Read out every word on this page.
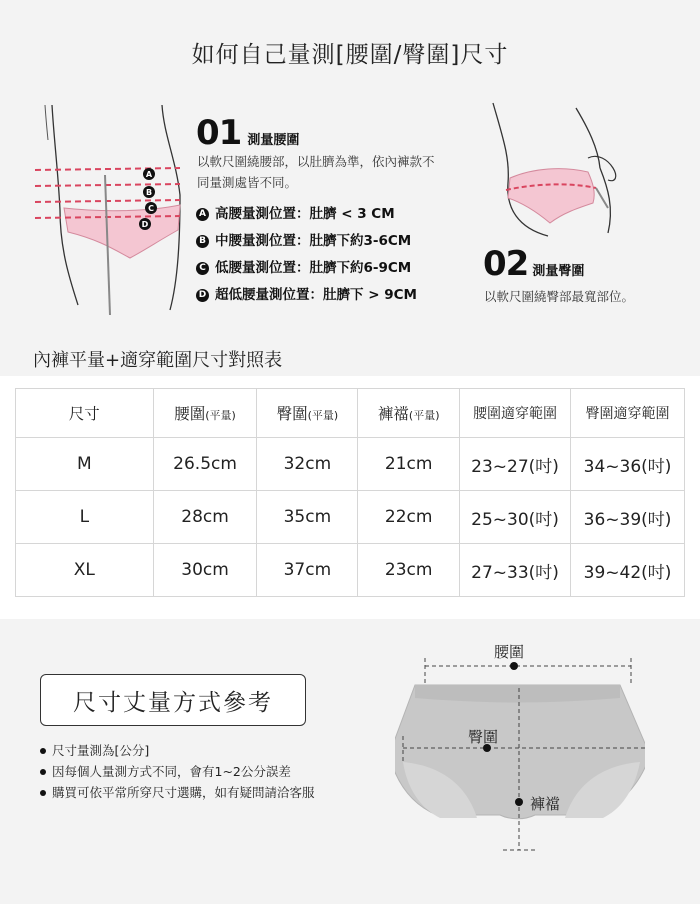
如何自己量測[腰圍/臀圍]尺寸
A
B
C
D
01 測量腰圍
以軟尺圍繞腰部，以肚臍為準，依內褲款不
同量測處皆不同。
A 高腰量測位置：肚臍 < 3 CM
B 中腰量測位置：肚臍下約3-6CM
C 低腰量測位置：肚臍下約6-9CM
D 超低腰量測位置：肚臍下 > 9CM
02 測量臀圍
以軟尺圍繞臀部最寬部位。
內褲平量+適穿範圍尺寸對照表
尺寸	腰圍(平量)	臀圍(平量)	褲襠(平量)	腰圍適穿範圍	臀圍適穿範圍
M	26.5cm	32cm	21cm	23~27(吋)	34~36(吋)
L	28cm	35cm	22cm	25~30(吋)	36~39(吋)
XL	30cm	37cm	23cm	27~33(吋)	39~42(吋)
尺寸丈量方式參考
尺寸量測為[公分]
因每個人量測方式不同，會有1~2公分誤差
購買可依平常所穿尺寸選購，如有疑問請洽客服
腰圍
臀圍
褲襠
